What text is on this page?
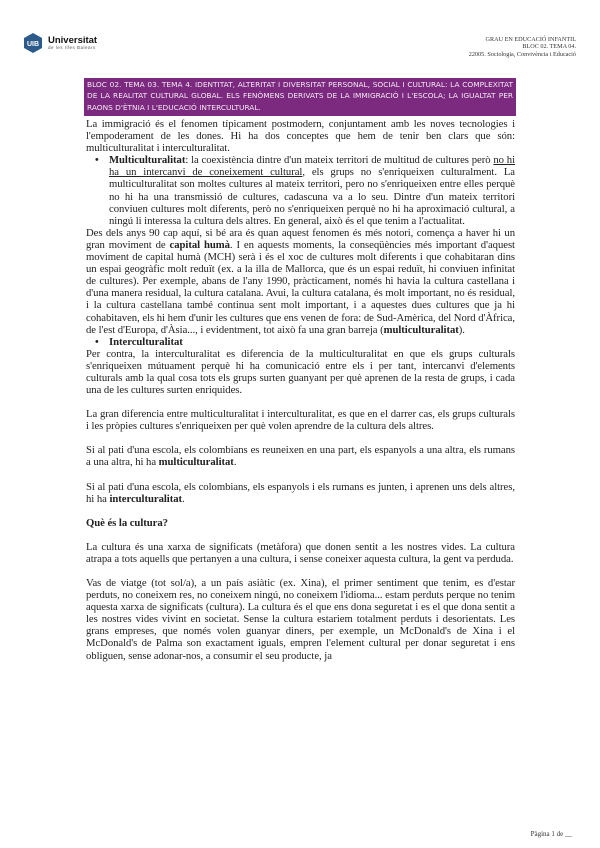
UIB Universitat
de les Illes Balears
GRAU EN EDUCACIÓ INFANTIL
BLOC 02. TEMA 04.
22005. Sociologia, Convivència i Educació
BLOC 02. TEMA 03. TEMA 4. IDENTITAT, ALTERITAT I DIVERSITAT PERSONAL, SOCIAL I CULTURAL: LA COMPLEXITAT DE LA REALITAT CULTURAL GLOBAL. ELS FENÒMENS DERIVATS DE LA IMMIGRACIÓ I L'ESCOLA; LA IGUALTAT PER RAONS D'ÈTNIA I L'EDUCACIÓ INTERCULTURAL.

La immigració és el fenomen típicament postmodern, conjuntament amb les noves tecnologies i l'empoderament de les dones. Hi ha dos conceptes que hem de tenir ben clars que són: multiculturalitat i interculturalitat.

• Multiculturalitat: la coexistència dintre d'un mateix territori de multitud de cultures però no hi ha un intercanvi de coneixement cultural, els grups no s'enriqueixen culturalment. La multiculturalitat son moltes cultures al mateix territori, pero no s'enriqueixen entre elles perquè no hi ha una transmissió de cultures, cadascuna va a lo seu. Dintre d'un mateix territori conviuen cultures molt diferents, però no s'enriqueixen perquè no hi ha aproximació cultural, a ningú li interessa la cultura dels altres. En general, això és el que tenim a l'actualitat.

Des dels anys 90 cap aquí, si bé ara és quan aquest fenomen és més notori, comença a haver hi un gran moviment de capital humà. I en aquests moments, la conseqüències més important d'aquest moviment de capital humà (MCH) serà i és el xoc de cultures molt diferents i que cohabitaran dins un espai geogràfic molt reduït (ex. a la illa de Mallorca, que és un espai reduït, hi conviuen infinitat de cultures). Per exemple, abans de l'any 1990, pràcticament, només hi havia la cultura castellana i d'una manera residual, la cultura catalana. Avui, la cultura catalana, és molt important, no és residual, i la cultura castellana també continua sent molt important, i a aquestes dues cultures que ja hi cohabitaven, els hi hem d'unir les cultures que ens venen de fora: de Sud-Amèrica, del Nord d'Àfrica, de l'est d'Europa, d'Àsia..., i evidentment, tot això fa una gran barreja (multiculturalitat).

• Interculturalitat

Per contra, la interculturalitat es diferencia de la multiculturalitat en que els grups culturals s'enriqueixen mútuament perquè hi ha comunicació entre els i per tant, intercanvi d'elements culturals amb la qual cosa tots els grups surten guanyant per què aprenen de la resta de grups, i cada una de les cultures surten enriquides.

La gran diferencia entre multiculturalitat i interculturalitat, es que en el darrer cas, els grups culturals i les pròpies cultures s'enriqueixen per què volen aprendre de la cultura dels altres.

Si al pati d'una escola, els colombians es reuneixen en una part, els espanyols a una altra, els rumans a una altra, hi ha multiculturalitat.

Si al pati d'una escola, els colombians, els espanyols i els rumans es junten, i aprenen uns dels altres, hi ha interculturalitat.

Què és la cultura?

La cultura és una xarxa de significats (metàfora) que donen sentit a les nostres vides. La cultura atrapa a tots aquells que pertanyen a una cultura, i sense coneixer aquesta cultura, la gent va perduda.

Vas de viatge (tot sol/a), a un país asiàtic (ex. Xina), el primer sentiment que tenim, es d'estar perduts, no coneixem res, no coneixem ningú, no coneixem l'idioma... estam perduts perque no tenim aquesta xarxa de significats (cultura). La cultura és el que ens dona seguretat i es el que dona sentit a les nostres vides vivint en societat. Sense la cultura estariem totalment perduts i desorientats. Les grans empreses, que només volen guanyar diners, per exemple, un McDonald's de Xina i el McDonald's de Palma son exactament iguals, empren l'element cultural per donar seguretat i ens obliguen, sense adonar-nos, a consumir el seu producte, ja

Pàgina 1 de __
